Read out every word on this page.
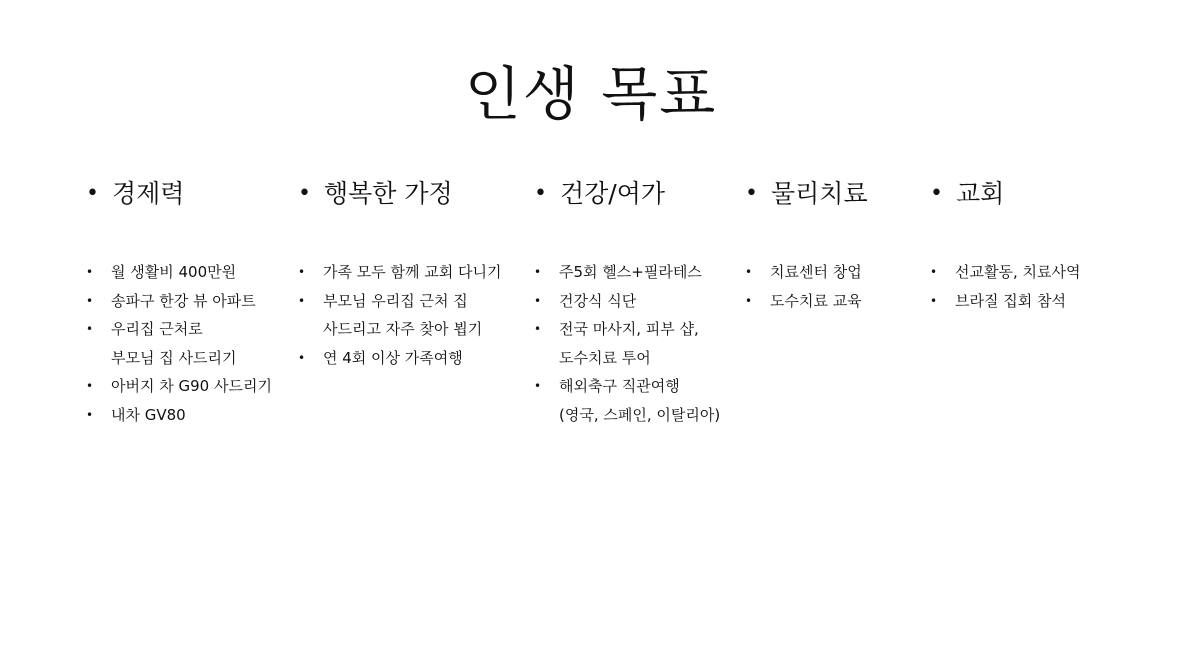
인생 목표
• 경제력
•	월 생활비 400만원
•	송파구 한강 뷰 아파트
•	우리집 근처로
부모님 집 사드리기
•	아버지 차 G90 사드리기
•	내차 GV80
• 행복한 가정
•	가족 모두 함께 교회 다니기
•	부모님 우리집 근처 집
사드리고 자주 찾아 뵙기
•	연 4회 이상 가족여행
• 건강/여가
•	주5회 헬스+필라테스
•	건강식 식단
•	전국 마사지, 피부 샵,
도수치료 투어
•	해외축구 직관여행
(영국, 스페인, 이탈리아)
• 물리치료
•	치료센터 창업
•	도수치료 교육
• 교회
•	선교활동, 치료사역
•	브라질 집회 참석
